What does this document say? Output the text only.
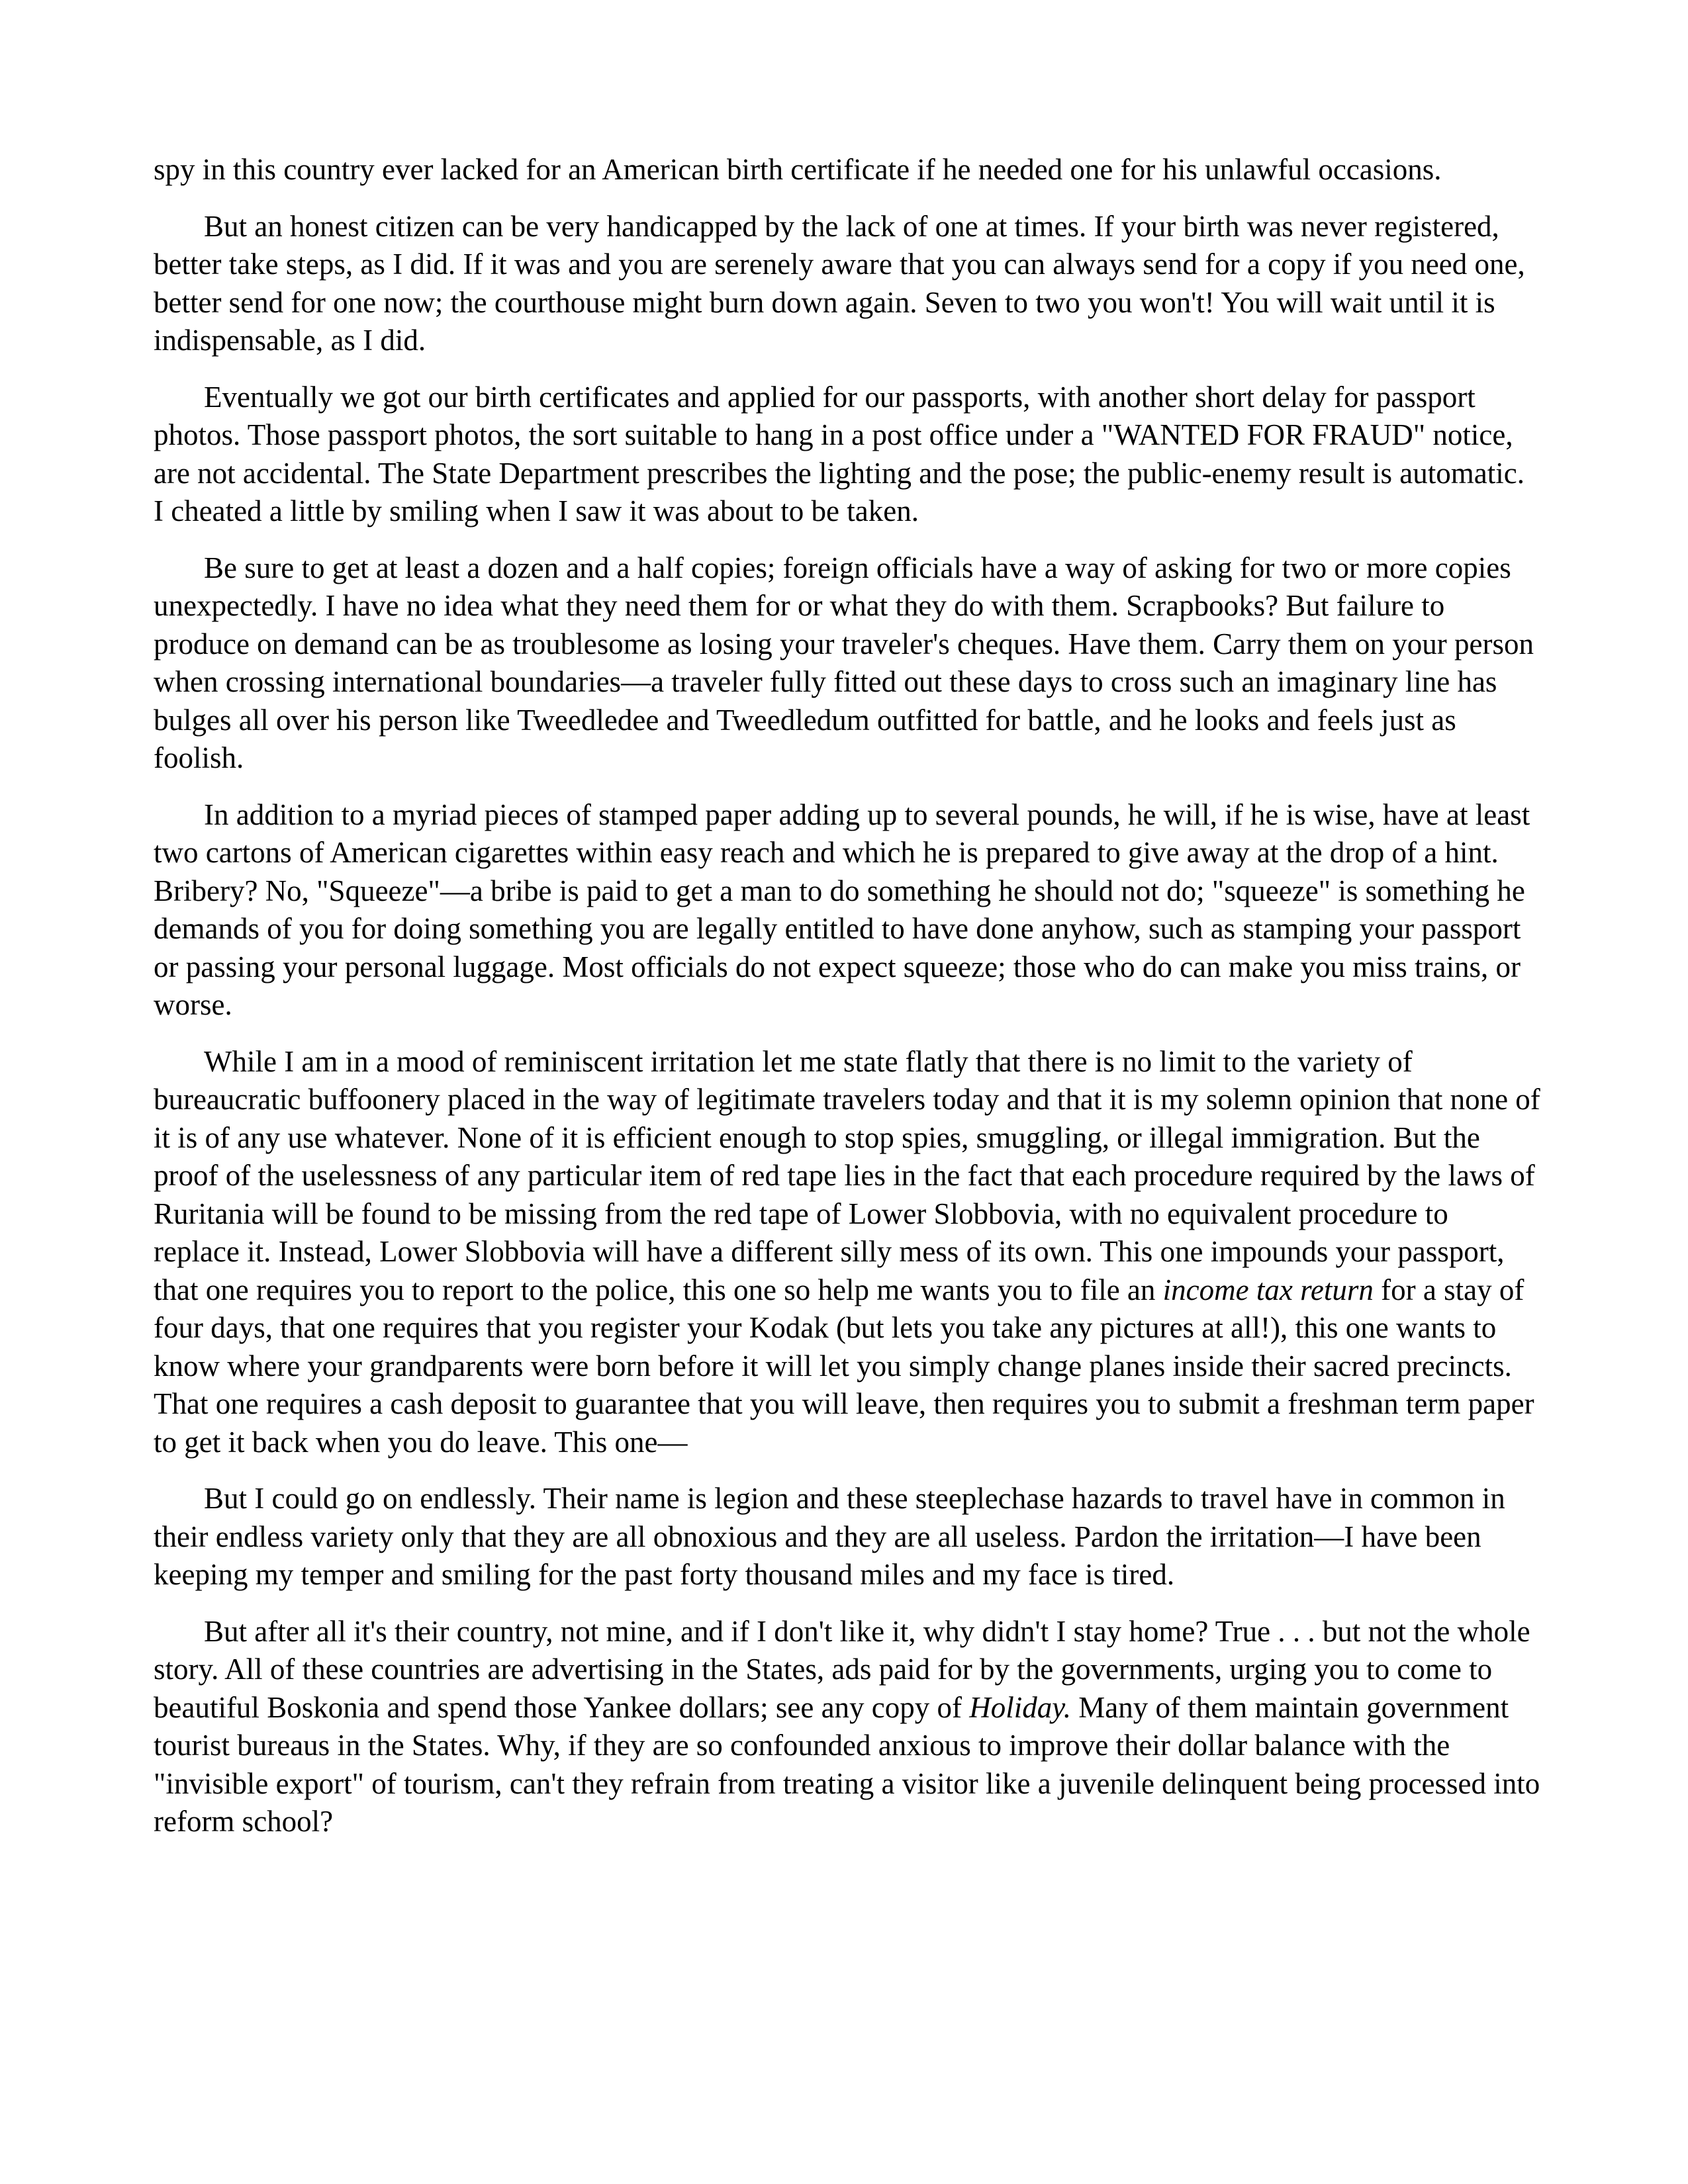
spy in this country ever lacked for an American birth certificate if he needed one for his unlawful occasions.

But an honest citizen can be very handicapped by the lack of one at times. If your birth was never registered, better take steps, as I did. If it was and you are serenely aware that you can always send for a copy if you need one, better send for one now; the courthouse might burn down again. Seven to two you won't! You will wait until it is indispensable, as I did.

Eventually we got our birth certificates and applied for our passports, with another short delay for passport photos. Those passport photos, the sort suitable to hang in a post office under a "WANTED FOR FRAUD" notice, are not accidental. The State Department prescribes the lighting and the pose; the public-enemy result is automatic. I cheated a little by smiling when I saw it was about to be taken.

Be sure to get at least a dozen and a half copies; foreign officials have a way of asking for two or more copies unexpectedly. I have no idea what they need them for or what they do with them. Scrapbooks? But failure to produce on demand can be as troublesome as losing your traveler's cheques. Have them. Carry them on your person when crossing international boundaries—a traveler fully fitted out these days to cross such an imaginary line has bulges all over his person like Tweedledee and Tweedledum outfitted for battle, and he looks and feels just as foolish.

In addition to a myriad pieces of stamped paper adding up to several pounds, he will, if he is wise, have at least two cartons of American cigarettes within easy reach and which he is prepared to give away at the drop of a hint. Bribery? No, "Squeeze"—a bribe is paid to get a man to do something he should not do; "squeeze" is something he demands of you for doing something you are legally entitled to have done anyhow, such as stamping your passport or passing your personal luggage. Most officials do not expect squeeze; those who do can make you miss trains, or worse.

While I am in a mood of reminiscent irritation let me state flatly that there is no limit to the variety of bureaucratic buffoonery placed in the way of legitimate travelers today and that it is my solemn opinion that none of it is of any use whatever. None of it is efficient enough to stop spies, smuggling, or illegal immigration. But the proof of the uselessness of any particular item of red tape lies in the fact that each procedure required by the laws of Ruritania will be found to be missing from the red tape of Lower Slobbovia, with no equivalent procedure to replace it. Instead, Lower Slobbovia will have a different silly mess of its own. This one impounds your passport, that one requires you to report to the police, this one so help me wants you to file an income tax return for a stay of four days, that one requires that you register your Kodak (but lets you take any pictures at all!), this one wants to know where your grandparents were born before it will let you simply change planes inside their sacred precincts. That one requires a cash deposit to guarantee that you will leave, then requires you to submit a freshman term paper to get it back when you do leave. This one—

But I could go on endlessly. Their name is legion and these steeplechase hazards to travel have in common in their endless variety only that they are all obnoxious and they are all useless. Pardon the irritation—I have been keeping my temper and smiling for the past forty thousand miles and my face is tired.

But after all it's their country, not mine, and if I don't like it, why didn't I stay home? True . . . but not the whole story. All of these countries are advertising in the States, ads paid for by the governments, urging you to come to beautiful Boskonia and spend those Yankee dollars; see any copy of Holiday. Many of them maintain government tourist bureaus in the States. Why, if they are so confounded anxious to improve their dollar balance with the "invisible export" of tourism, can't they refrain from treating a visitor like a juvenile delinquent being processed into reform school?
